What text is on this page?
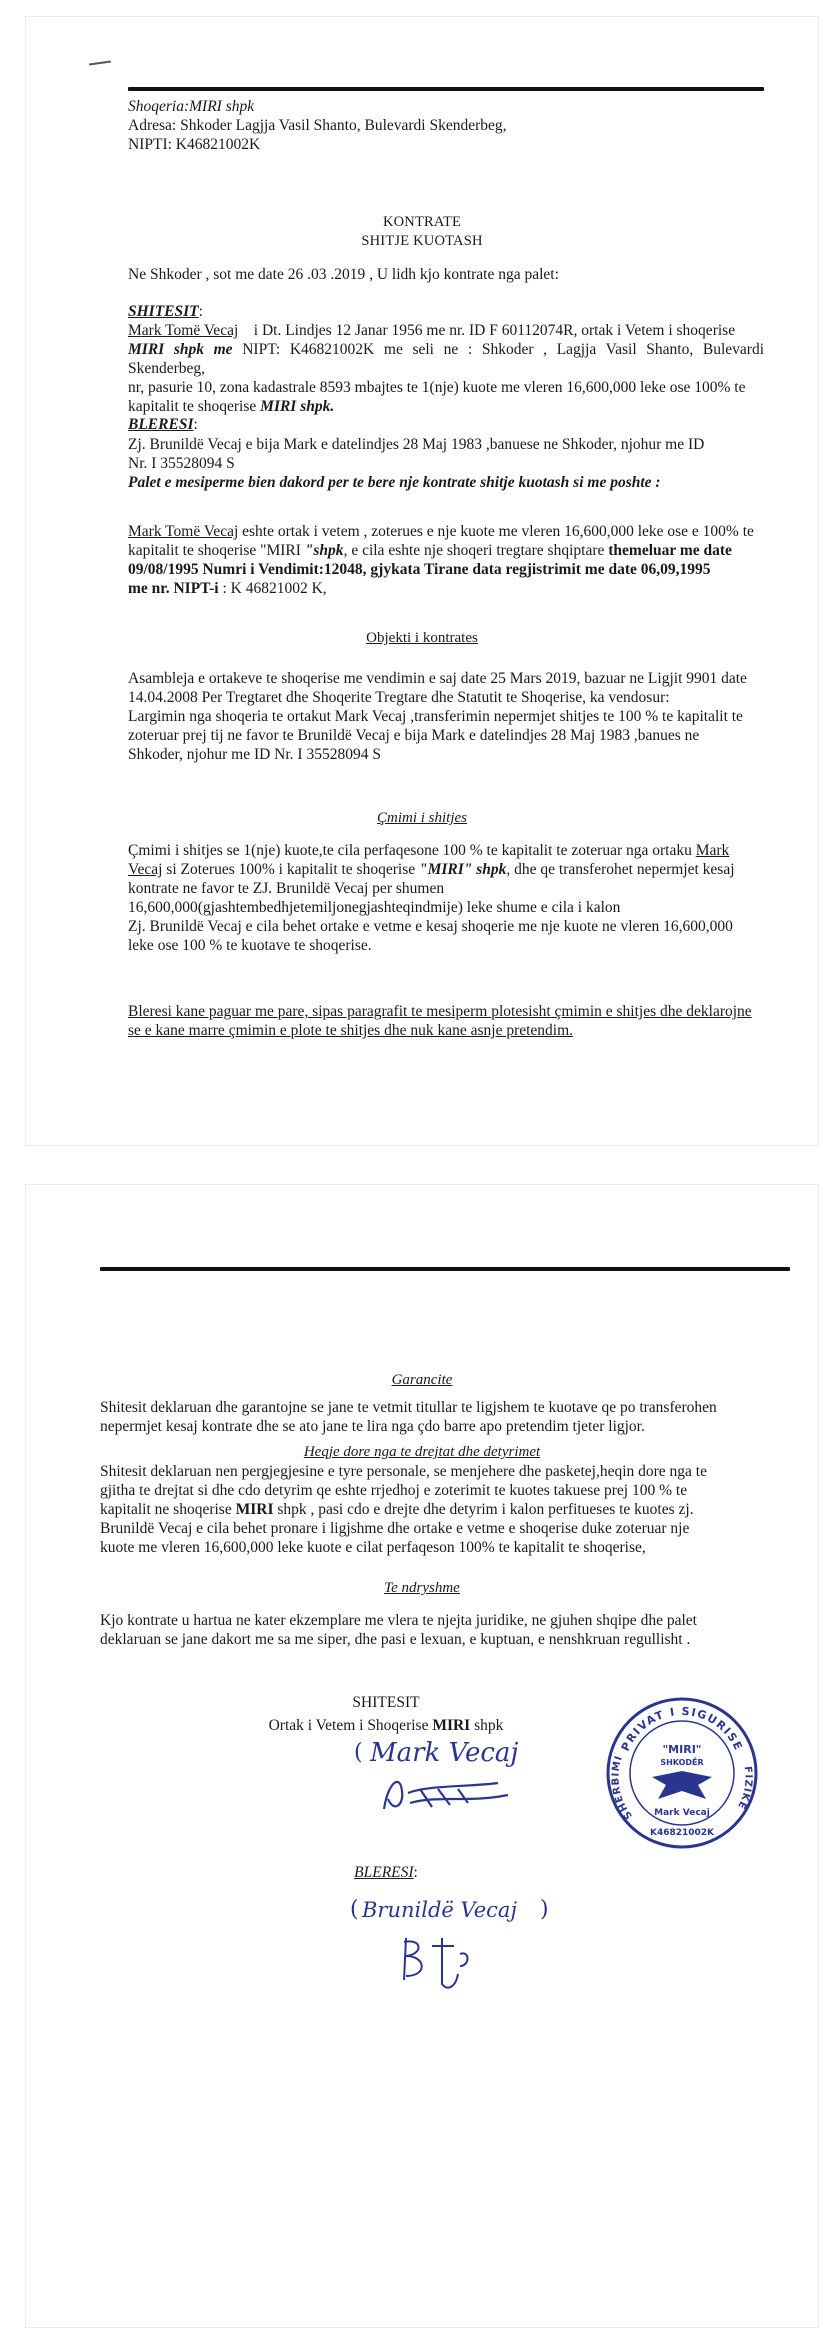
Shoqeria:MIRI shpk
Adresa: Shkoder Lagjja Vasil Shanto, Bulevardi Skenderbeg,
NIPTI: K46821002K
KONTRATE
SHITJE KUOTASH
Ne Shkoder , sot me date 26 .03 .2019 , U lidh kjo kontrate nga palet:
SHITESIT:
Mark Tomë Vecaj i Dt. Lindjes 12 Janar 1956 me nr. ID F 60112074R, ortak i Vetem i shoqerise
MIRI shpk me NIPT: K46821002K me seli ne : Shkoder , Lagjja Vasil Shanto, Bulevardi Skenderbeg,
nr, pasurie 10, zona kadastrale 8593 mbajtes te 1(nje) kuote me vleren 16,600,000 leke ose 100% te
kapitalit te shoqerise MIRI shpk.
BLERESI:
Zj. Brunildë Vecaj e bija Mark e datelindjes 28 Maj 1983 ,banuese ne Shkoder, njohur me ID
Nr. I 35528094 S
Palet e mesiperme bien dakord per te bere nje kontrate shitje kuotash si me poshte :
Mark Tomë Vecaj eshte ortak i vetem , zoterues e nje kuote me vleren 16,600,000 leke ose e 100% te
kapitalit te shoqerise "MIRI "shpk, e cila eshte nje shoqeri tregtare shqiptare themeluar me date
09/08/1995 Numri i Vendimit:12048, gjykata Tirane data regjistrimit me date 06,09,1995
me nr. NIPT-i : K 46821002 K,
Objekti i kontrates
Asambleja e ortakeve te shoqerise me vendimin e saj date 25 Mars 2019, bazuar ne Ligjit 9901 date
14.04.2008 Per Tregtaret dhe Shoqerite Tregtare dhe Statutit te Shoqerise, ka vendosur:
Largimin nga shoqeria te ortakut Mark Vecaj ,transferimin nepermjet shitjes te 100 % te kapitalit te
zoteruar prej tij ne favor te Brunildë Vecaj e bija Mark e datelindjes 28 Maj 1983 ,banues ne
Shkoder, njohur me ID Nr. I 35528094 S
Çmimi i shitjes
Çmimi i shitjes se 1(nje) kuote,te cila perfaqesone 100 % te kapitalit te zoteruar nga ortaku Mark
Vecaj si Zoterues 100% i kapitalit te shoqerise "MIRI" shpk, dhe qe transferohet nepermjet kesaj
kontrate ne favor te ZJ. Brunildë Vecaj per shumen
16,600,000(gjashtembedhjetemiljonegjashteqindmije) leke shume e cila i kalon
Zj. Brunildë Vecaj e cila behet ortake e vetme e kesaj shoqerie me nje kuote ne vleren 16,600,000
leke ose 100 % te kuotave te shoqerise.
Bleresi kane paguar me pare, sipas paragrafit te mesiperm plotesisht çmimin e shitjes dhe deklarojne
se e kane marre çmimin e plote te shitjes dhe nuk kane asnje pretendim.
Garancite
Shitesit deklaruan dhe garantojne se jane te vetmit titullar te ligjshem te kuotave qe po transferohen
nepermjet kesaj kontrate dhe se ato jane te lira nga çdo barre apo pretendim tjeter ligjor.
Heqje dore nga te drejtat dhe detyrimet
Shitesit deklaruan nen pergjegjesine e tyre personale, se menjehere dhe pasketej,heqin dore nga te
gjitha te drejtat si dhe cdo detyrim qe eshte rrjedhoj e zoterimit te kuotes takuese prej 100 % te
kapitalit ne shoqerise MIRI shpk , pasi cdo e drejte dhe detyrim i kalon perfitueses te kuotes zj.
Brunildë Vecaj e cila behet pronare i ligjshme dhe ortake e vetme e shoqerise duke zoteruar nje
kuote me vleren 16,600,000 leke kuote e cilat perfaqeson 100% te kapitalit te shoqerise,
Te ndryshme
Kjo kontrate u hartua ne kater ekzemplare me vlera te njejta juridike, ne gjuhen shqipe dhe palet
deklaruan se jane dakort me sa me siper, dhe pasi e lexuan, e kuptuan, e nenshkruan regullisht .
SHITESIT
Ortak i Vetem i Shoqerise MIRI shpk
Mark Vecaj
(	PRIVAT I SIGURISE
SHERBIMI
FIZIKE
"MIRI"
SHKODËR
Mark Vecaj
K46821002K
BLERESI:
( Brunildë Vecaj )
